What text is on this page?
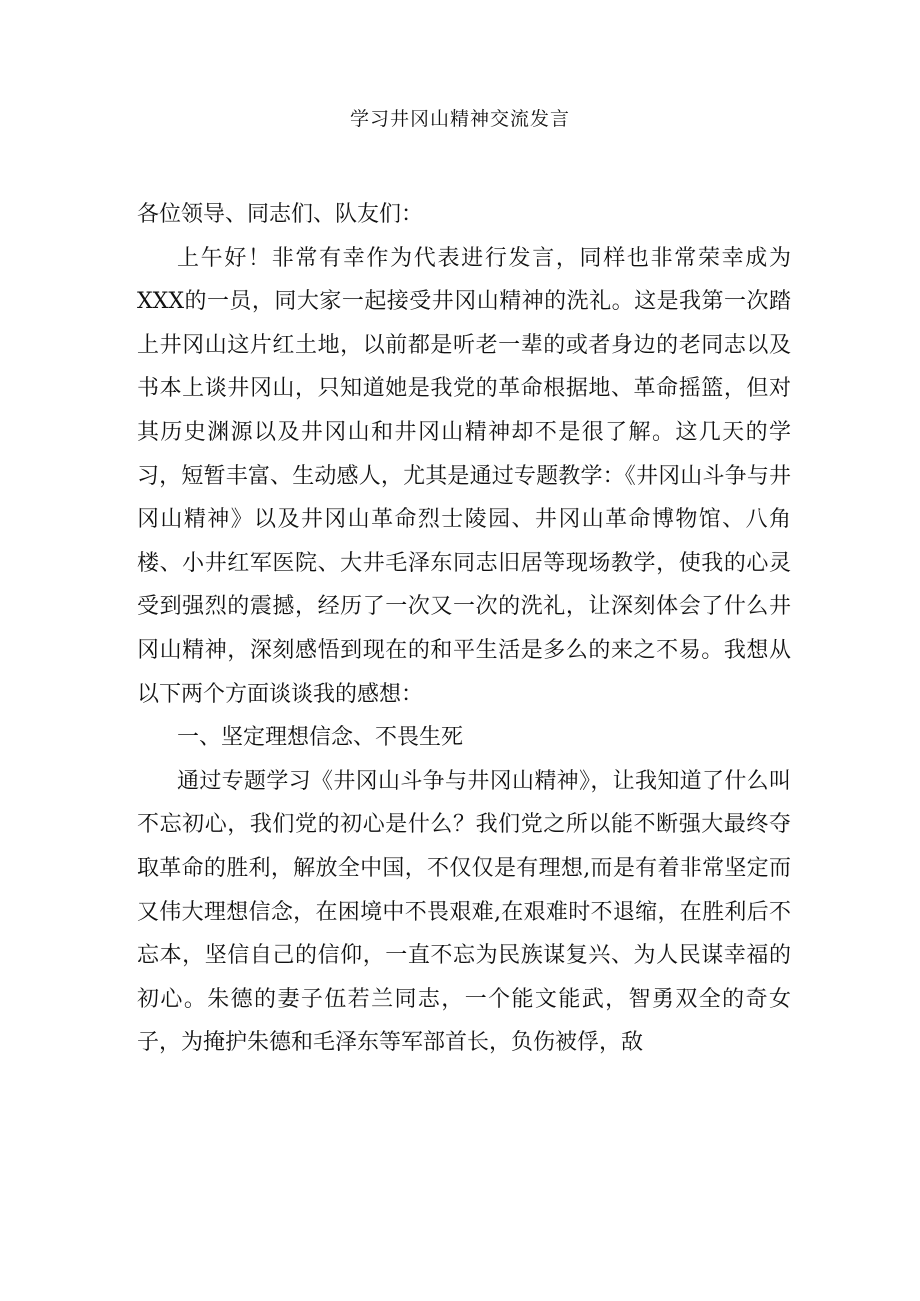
学习井冈山精神交流发言

各位领导、同志们、队友们：

上午好！非常有幸作为代表进行发言，同样也非常荣幸成为XXX的一员，同大家一起接受井冈山精神的洗礼。这是我第一次踏上井冈山这片红土地，以前都是听老一辈的或者身边的老同志以及书本上谈井冈山，只知道她是我党的革命根据地、革命摇篮，但对其历史渊源以及井冈山和井冈山精神却不是很了解。这几天的学习，短暂丰富、生动感人，尤其是通过专题教学：《井冈山斗争与井冈山精神》以及井冈山革命烈士陵园、井冈山革命博物馆、八角楼、小井红军医院、大井毛泽东同志旧居等现场教学，使我的心灵受到强烈的震撼，经历了一次又一次的洗礼，让深刻体会了什么井冈山精神，深刻感悟到现在的和平生活是多么的来之不易。我想从以下两个方面谈谈我的感想：

一、坚定理想信念、不畏生死

通过专题学习《井冈山斗争与井冈山精神》，让我知道了什么叫不忘初心，我们党的初心是什么？我们党之所以能不断强大最终夺取革命的胜利，解放全中国，不仅仅是有理想,而是有着非常坚定而又伟大理想信念，在困境中不畏艰难,在艰难时不退缩，在胜利后不忘本，坚信自己的信仰，一直不忘为民族谋复兴、为人民谋幸福的初心。朱德的妻子伍若兰同志，一个能文能武，智勇双全的奇女子，为掩护朱德和毛泽东等军部首长，负伤被俘，敌
